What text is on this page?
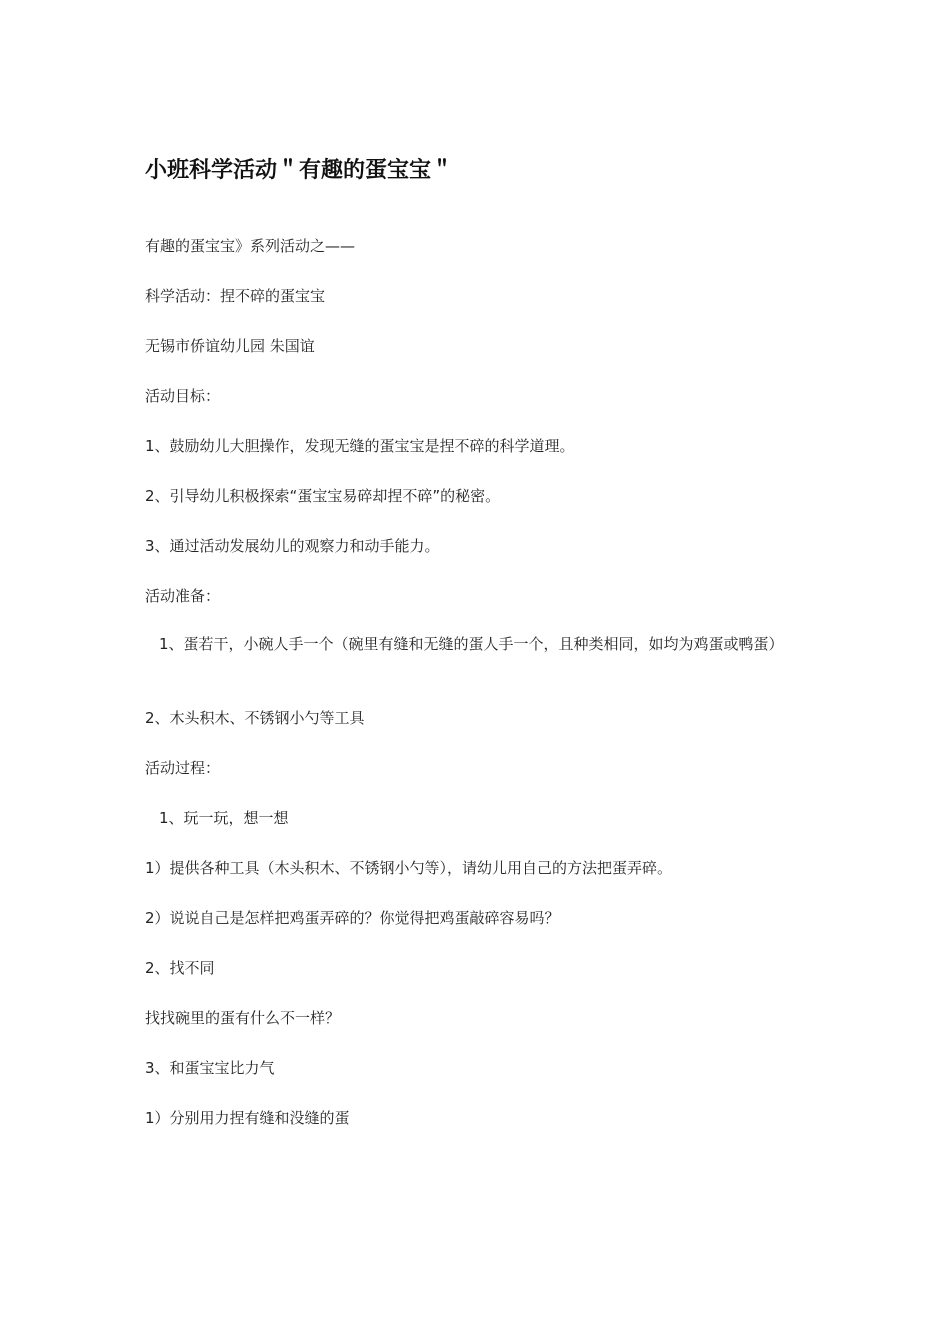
小班科学活动＂有趣的蛋宝宝＂

有趣的蛋宝宝》系列活动之——

科学活动：捏不碎的蛋宝宝

无锡市侨谊幼儿园 朱国谊

活动目标：

1、鼓励幼儿大胆操作，发现无缝的蛋宝宝是捏不碎的科学道理。

2、引导幼儿积极探索“蛋宝宝易碎却捏不碎”的秘密。

3、通过活动发展幼儿的观察力和动手能力。

活动准备：

1、蛋若干，小碗人手一个（碗里有缝和无缝的蛋人手一个，且种类相同，如均为鸡蛋或鸭蛋）

2、木头积木、不锈钢小勺等工具

活动过程：

1、玩一玩，想一想

1）提供各种工具（木头积木、不锈钢小勺等），请幼儿用自己的方法把蛋弄碎。

2）说说自己是怎样把鸡蛋弄碎的？你觉得把鸡蛋敲碎容易吗？

2、找不同

找找碗里的蛋有什么不一样？

3、和蛋宝宝比力气

1）分别用力捏有缝和没缝的蛋
